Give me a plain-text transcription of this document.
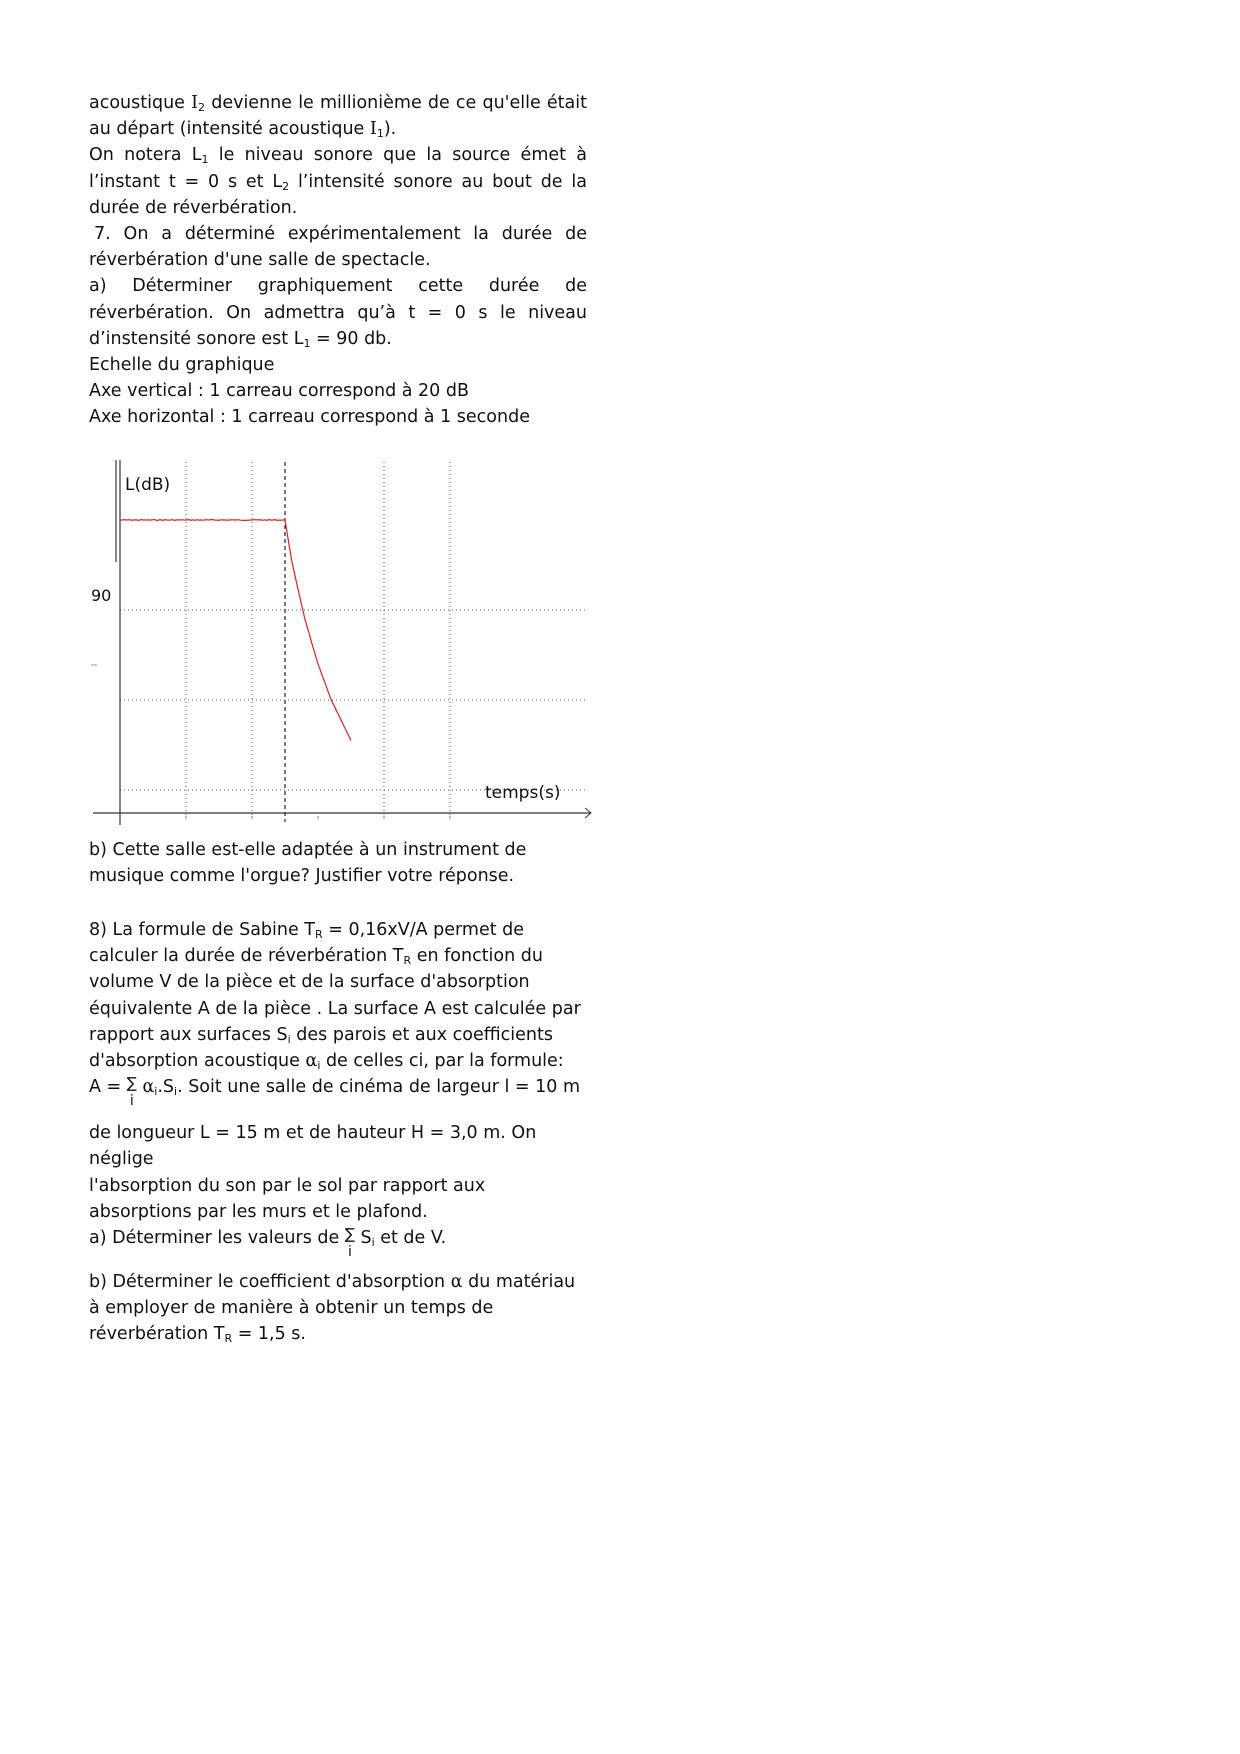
acoustique $I_2$ devienne le millionième de ce qu'elle était

au départ (intensité acoustique $I_1$).

On notera $L_1$ le niveau sonore que la source émet à

l’instant t = 0 s et $L_2$ l’intensité sonore au bout de la

durée de réverbération.

7. On a déterminé expérimentalement la durée de

réverbération d'une salle de spectacle.

a) Déterminer graphiquement cette durée de

réverbération. On admettra qu’à t = 0 s le niveau

d’instensité sonore est $L_1 = 90$ db.

Echelle du graphique

Axe vertical : 1 carreau correspond à 20 dB

Axe horizontal : 1 carreau correspond à 1 seconde

L(dB)
temps(s)
90

b) Cette salle est-elle adaptée à un instrument de

musique comme l'orgue? Justifier votre réponse.

8) La formule de Sabine $T_R = 0,16xV/A$ permet de

calculer la durée de réverbération $T_R$ en fonction du

volume V de la pièce et de la surface d'absorption

équivalente A de la pièce . La surface A est calculée par

rapport aux surfaces $S_i$ des parois et aux coefficients

d'absorption acoustique $\alpha_i$ de celles ci, par la formule:

A = ∑
i
$\alpha_i.S_i$. Soit une salle de cinéma de largeur l = 10 m

de longueur L = 15 m et de hauteur H = 3,0 m. On néglige

l'absorption du son par le sol par rapport aux

absorptions par les murs et le plafond.

a) Déterminer les valeurs de ∑
i
$S_i$ et de V.

b) Déterminer le coefficient d'absorption α du matériau

à employer de manière à obtenir un temps de

réverbération $T_R = 1,5$ s.
